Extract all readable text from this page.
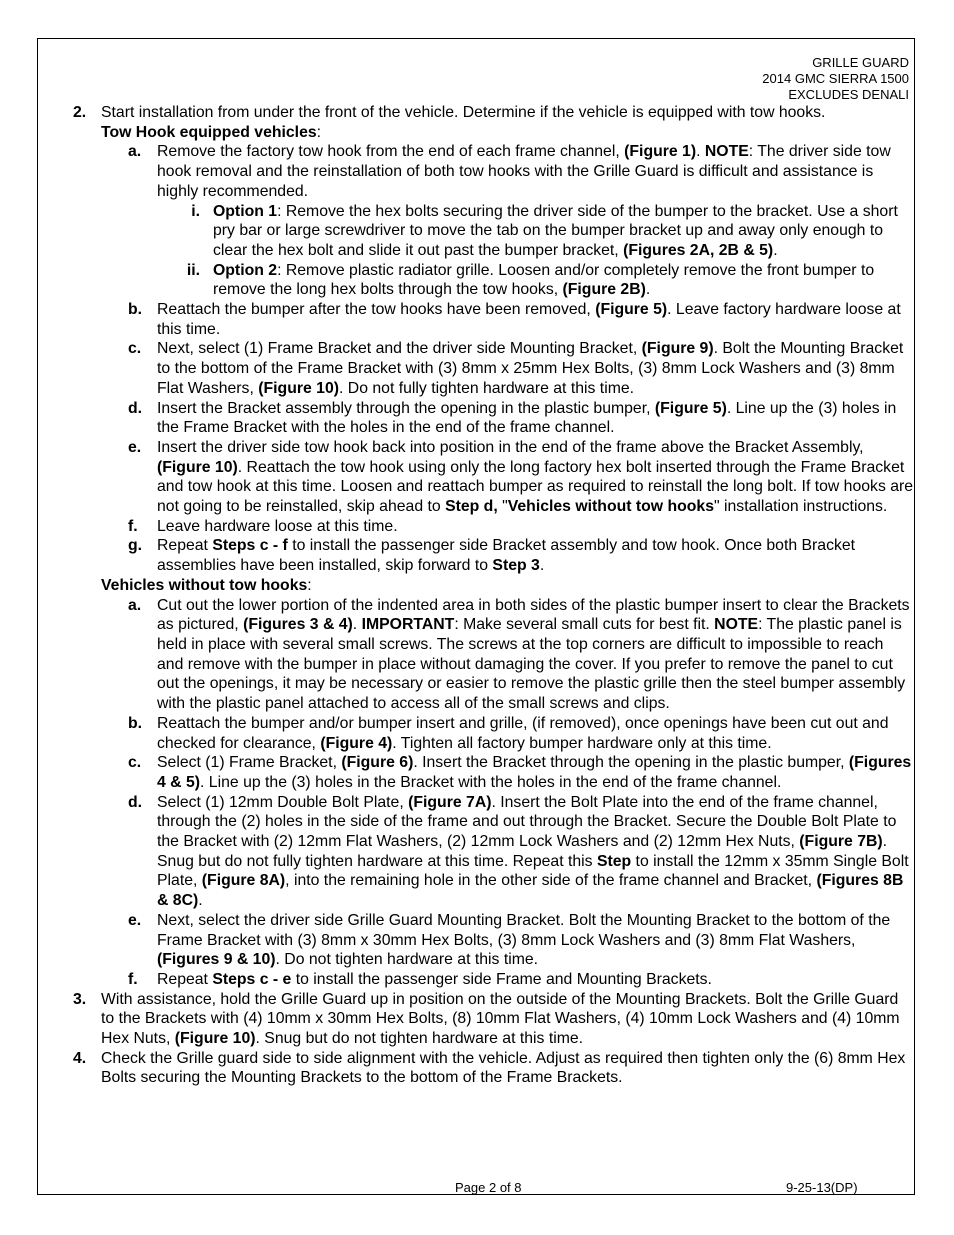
GRILLE GUARD
2014 GMC SIERRA 1500
EXCLUDES DENALI
2. Start installation from under the front of the vehicle. Determine if the vehicle is equipped with tow hooks.
Tow Hook equipped vehicles:
a. Remove the factory tow hook from the end of each frame channel, (Figure 1). NOTE: The driver side tow hook removal and the reinstallation of both tow hooks with the Grille Guard is difficult and assistance is highly recommended.
i. Option 1: Remove the hex bolts securing the driver side of the bumper to the bracket. Use a short pry bar or large screwdriver to move the tab on the bumper bracket up and away only enough to clear the hex bolt and slide it out past the bumper bracket, (Figures 2A, 2B & 5).
ii. Option 2: Remove plastic radiator grille. Loosen and/or completely remove the front bumper to remove the long hex bolts through the tow hooks, (Figure 2B).
b. Reattach the bumper after the tow hooks have been removed, (Figure 5). Leave factory hardware loose at this time.
c. Next, select (1) Frame Bracket and the driver side Mounting Bracket, (Figure 9). Bolt the Mounting Bracket to the bottom of the Frame Bracket with (3) 8mm x 25mm Hex Bolts, (3) 8mm Lock Washers and (3) 8mm Flat Washers, (Figure 10). Do not fully tighten hardware at this time.
d. Insert the Bracket assembly through the opening in the plastic bumper, (Figure 5). Line up the (3) holes in the Frame Bracket with the holes in the end of the frame channel.
e. Insert the driver side tow hook back into position in the end of the frame above the Bracket Assembly, (Figure 10). Reattach the tow hook using only the long factory hex bolt inserted through the Frame Bracket and tow hook at this time. Loosen and reattach bumper as required to reinstall the long bolt. If tow hooks are not going to be reinstalled, skip ahead to Step d, "Vehicles without tow hooks" installation instructions.
f. Leave hardware loose at this time.
g. Repeat Steps c - f to install the passenger side Bracket assembly and tow hook. Once both Bracket assemblies have been installed, skip forward to Step 3.
Vehicles without tow hooks:
a. Cut out the lower portion of the indented area in both sides of the plastic bumper insert to clear the Brackets as pictured, (Figures 3 & 4). IMPORTANT: Make several small cuts for best fit. NOTE: The plastic panel is held in place with several small screws. The screws at the top corners are difficult to impossible to reach and remove with the bumper in place without damaging the cover. If you prefer to remove the panel to cut out the openings, it may be necessary or easier to remove the plastic grille then the steel bumper assembly with the plastic panel attached to access all of the small screws and clips.
b. Reattach the bumper and/or bumper insert and grille, (if removed), once openings have been cut out and checked for clearance, (Figure 4). Tighten all factory bumper hardware only at this time.
c. Select (1) Frame Bracket, (Figure 6). Insert the Bracket through the opening in the plastic bumper, (Figures 4 & 5). Line up the (3) holes in the Bracket with the holes in the end of the frame channel.
d. Select (1) 12mm Double Bolt Plate, (Figure 7A). Insert the Bolt Plate into the end of the frame channel, through the (2) holes in the side of the frame and out through the Bracket. Secure the Double Bolt Plate to the Bracket with (2) 12mm Flat Washers, (2) 12mm Lock Washers and (2) 12mm Hex Nuts, (Figure 7B). Snug but do not fully tighten hardware at this time. Repeat this Step to install the 12mm x 35mm Single Bolt Plate, (Figure 8A), into the remaining hole in the other side of the frame channel and Bracket, (Figures 8B & 8C).
e. Next, select the driver side Grille Guard Mounting Bracket. Bolt the Mounting Bracket to the bottom of the Frame Bracket with (3) 8mm x 30mm Hex Bolts, (3) 8mm Lock Washers and (3) 8mm Flat Washers, (Figures 9 & 10). Do not tighten hardware at this time.
f. Repeat Steps c - e to install the passenger side Frame and Mounting Brackets.
3. With assistance, hold the Grille Guard up in position on the outside of the Mounting Brackets. Bolt the Grille Guard to the Brackets with (4) 10mm x 30mm Hex Bolts, (8) 10mm Flat Washers, (4) 10mm Lock Washers and (4) 10mm Hex Nuts, (Figure 10). Snug but do not tighten hardware at this time.
4. Check the Grille guard side to side alignment with the vehicle. Adjust as required then tighten only the (6) 8mm Hex Bolts securing the Mounting Brackets to the bottom of the Frame Brackets.
Page 2 of 8	9-25-13(DP)
